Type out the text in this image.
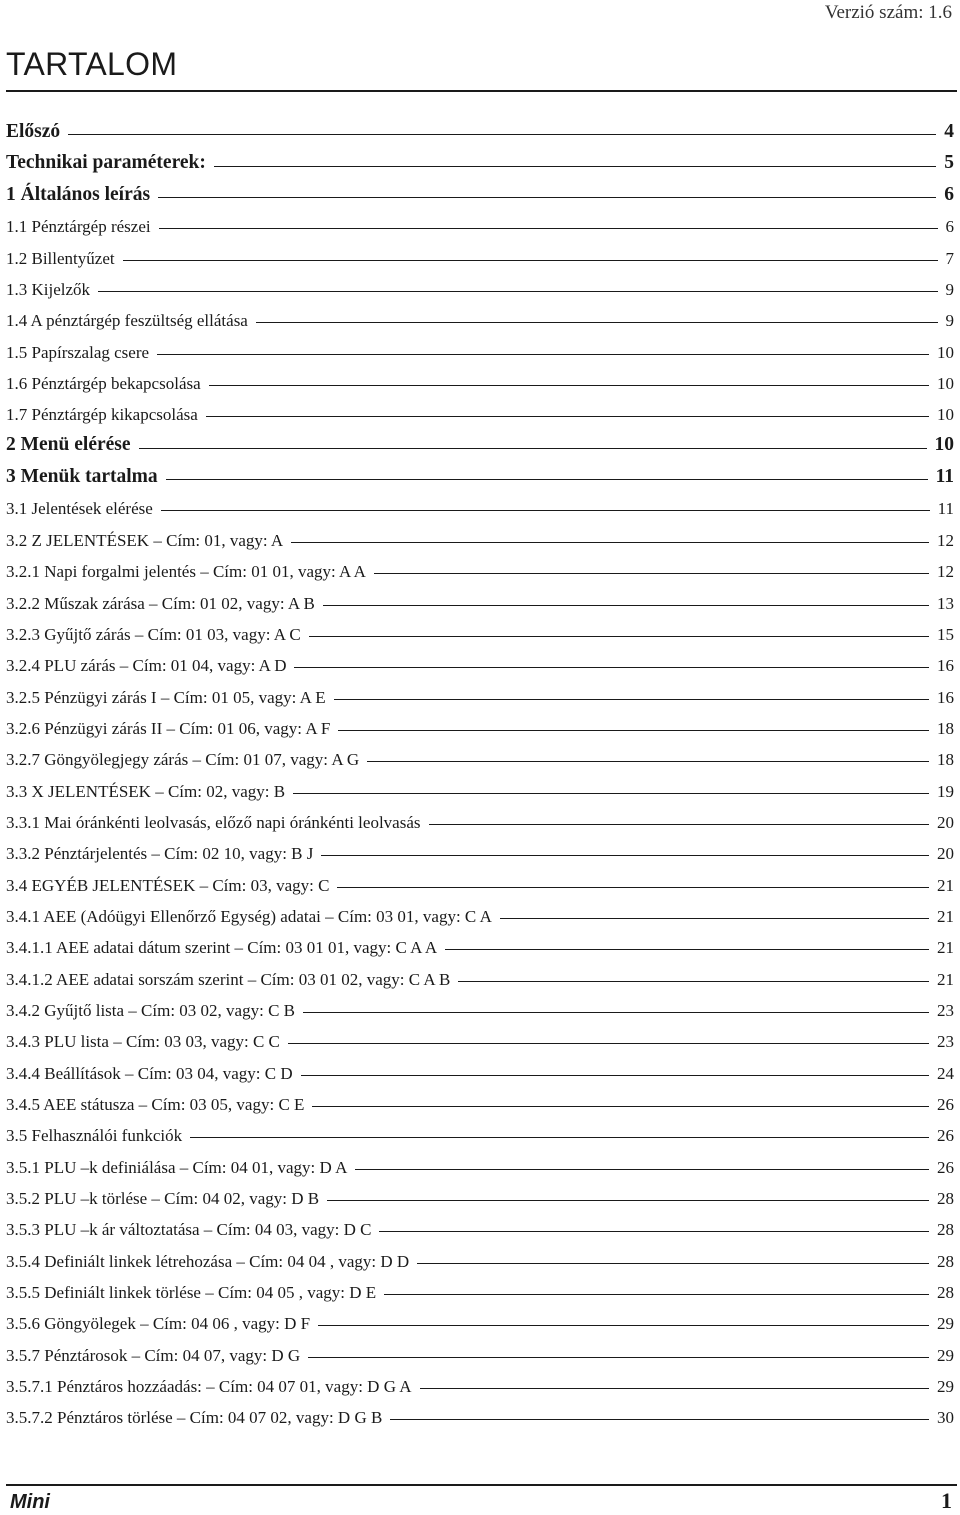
Verzió szám: 1.6
TARTALOM
Előszó	4
Technikai paraméterek:	5
1 Általános leírás	6
1.1 Pénztárgép részei	6
1.2 Billentyűzet	7
1.3 Kijelzők	9
1.4 A pénztárgép feszültség ellátása	9
1.5 Papírszalag csere	10
1.6 Pénztárgép bekapcsolása	10
1.7 Pénztárgép kikapcsolása	10
2 Menü elérése	10
3 Menük tartalma	11
3.1 Jelentések elérése	11
3.2 Z JELENTÉSEK – Cím: 01, vagy: A	12
3.2.1 Napi forgalmi jelentés – Cím: 01 01, vagy: A A	12
3.2.2 Műszak zárása – Cím: 01 02, vagy: A B	13
3.2.3 Gyűjtő zárás – Cím: 01 03, vagy: A C	15
3.2.4 PLU zárás – Cím: 01 04, vagy: A D	16
3.2.5 Pénzügyi zárás I – Cím: 01 05, vagy: A E	16
3.2.6 Pénzügyi zárás II – Cím: 01 06, vagy: A F	18
3.2.7 Göngyölegjegy zárás – Cím: 01 07, vagy: A G	18
3.3 X JELENTÉSEK – Cím: 02, vagy: B	19
3.3.1 Mai óránkénti leolvasás, előző napi óránkénti leolvasás	20
3.3.2 Pénztárjelentés – Cím: 02 10, vagy: B J	20
3.4 EGYÉB JELENTÉSEK – Cím: 03, vagy: C	21
3.4.1 AEE (Adóügyi Ellenőrző Egység) adatai – Cím: 03 01, vagy: C A	21
3.4.1.1 AEE adatai dátum szerint – Cím: 03 01 01, vagy: C A A	21
3.4.1.2 AEE adatai sorszám szerint – Cím: 03 01 02, vagy: C A B	21
3.4.2 Gyűjtő lista – Cím: 03 02, vagy: C B	23
3.4.3 PLU lista – Cím: 03 03, vagy: C C	23
3.4.4 Beállítások – Cím: 03 04, vagy: C D	24
3.4.5 AEE státusza – Cím: 03 05, vagy: C E	26
3.5 Felhasználói funkciók	26
3.5.1 PLU –k definiálása – Cím: 04 01, vagy: D A	26
3.5.2 PLU –k törlése – Cím: 04 02, vagy: D B	28
3.5.3 PLU –k ár változtatása – Cím: 04 03, vagy: D C	28
3.5.4 Definiált linkek létrehozása – Cím: 04 04 , vagy: D D	28
3.5.5 Definiált linkek törlése – Cím: 04 05 , vagy: D E	28
3.5.6 Göngyölegek – Cím: 04 06 , vagy: D F	29
3.5.7 Pénztárosok – Cím: 04 07, vagy: D G	29
3.5.7.1 Pénztáros hozzáadás: – Cím: 04 07 01, vagy: D G A	29
3.5.7.2 Pénztáros törlése – Cím: 04 07 02, vagy: D G B	30
Mini	1
